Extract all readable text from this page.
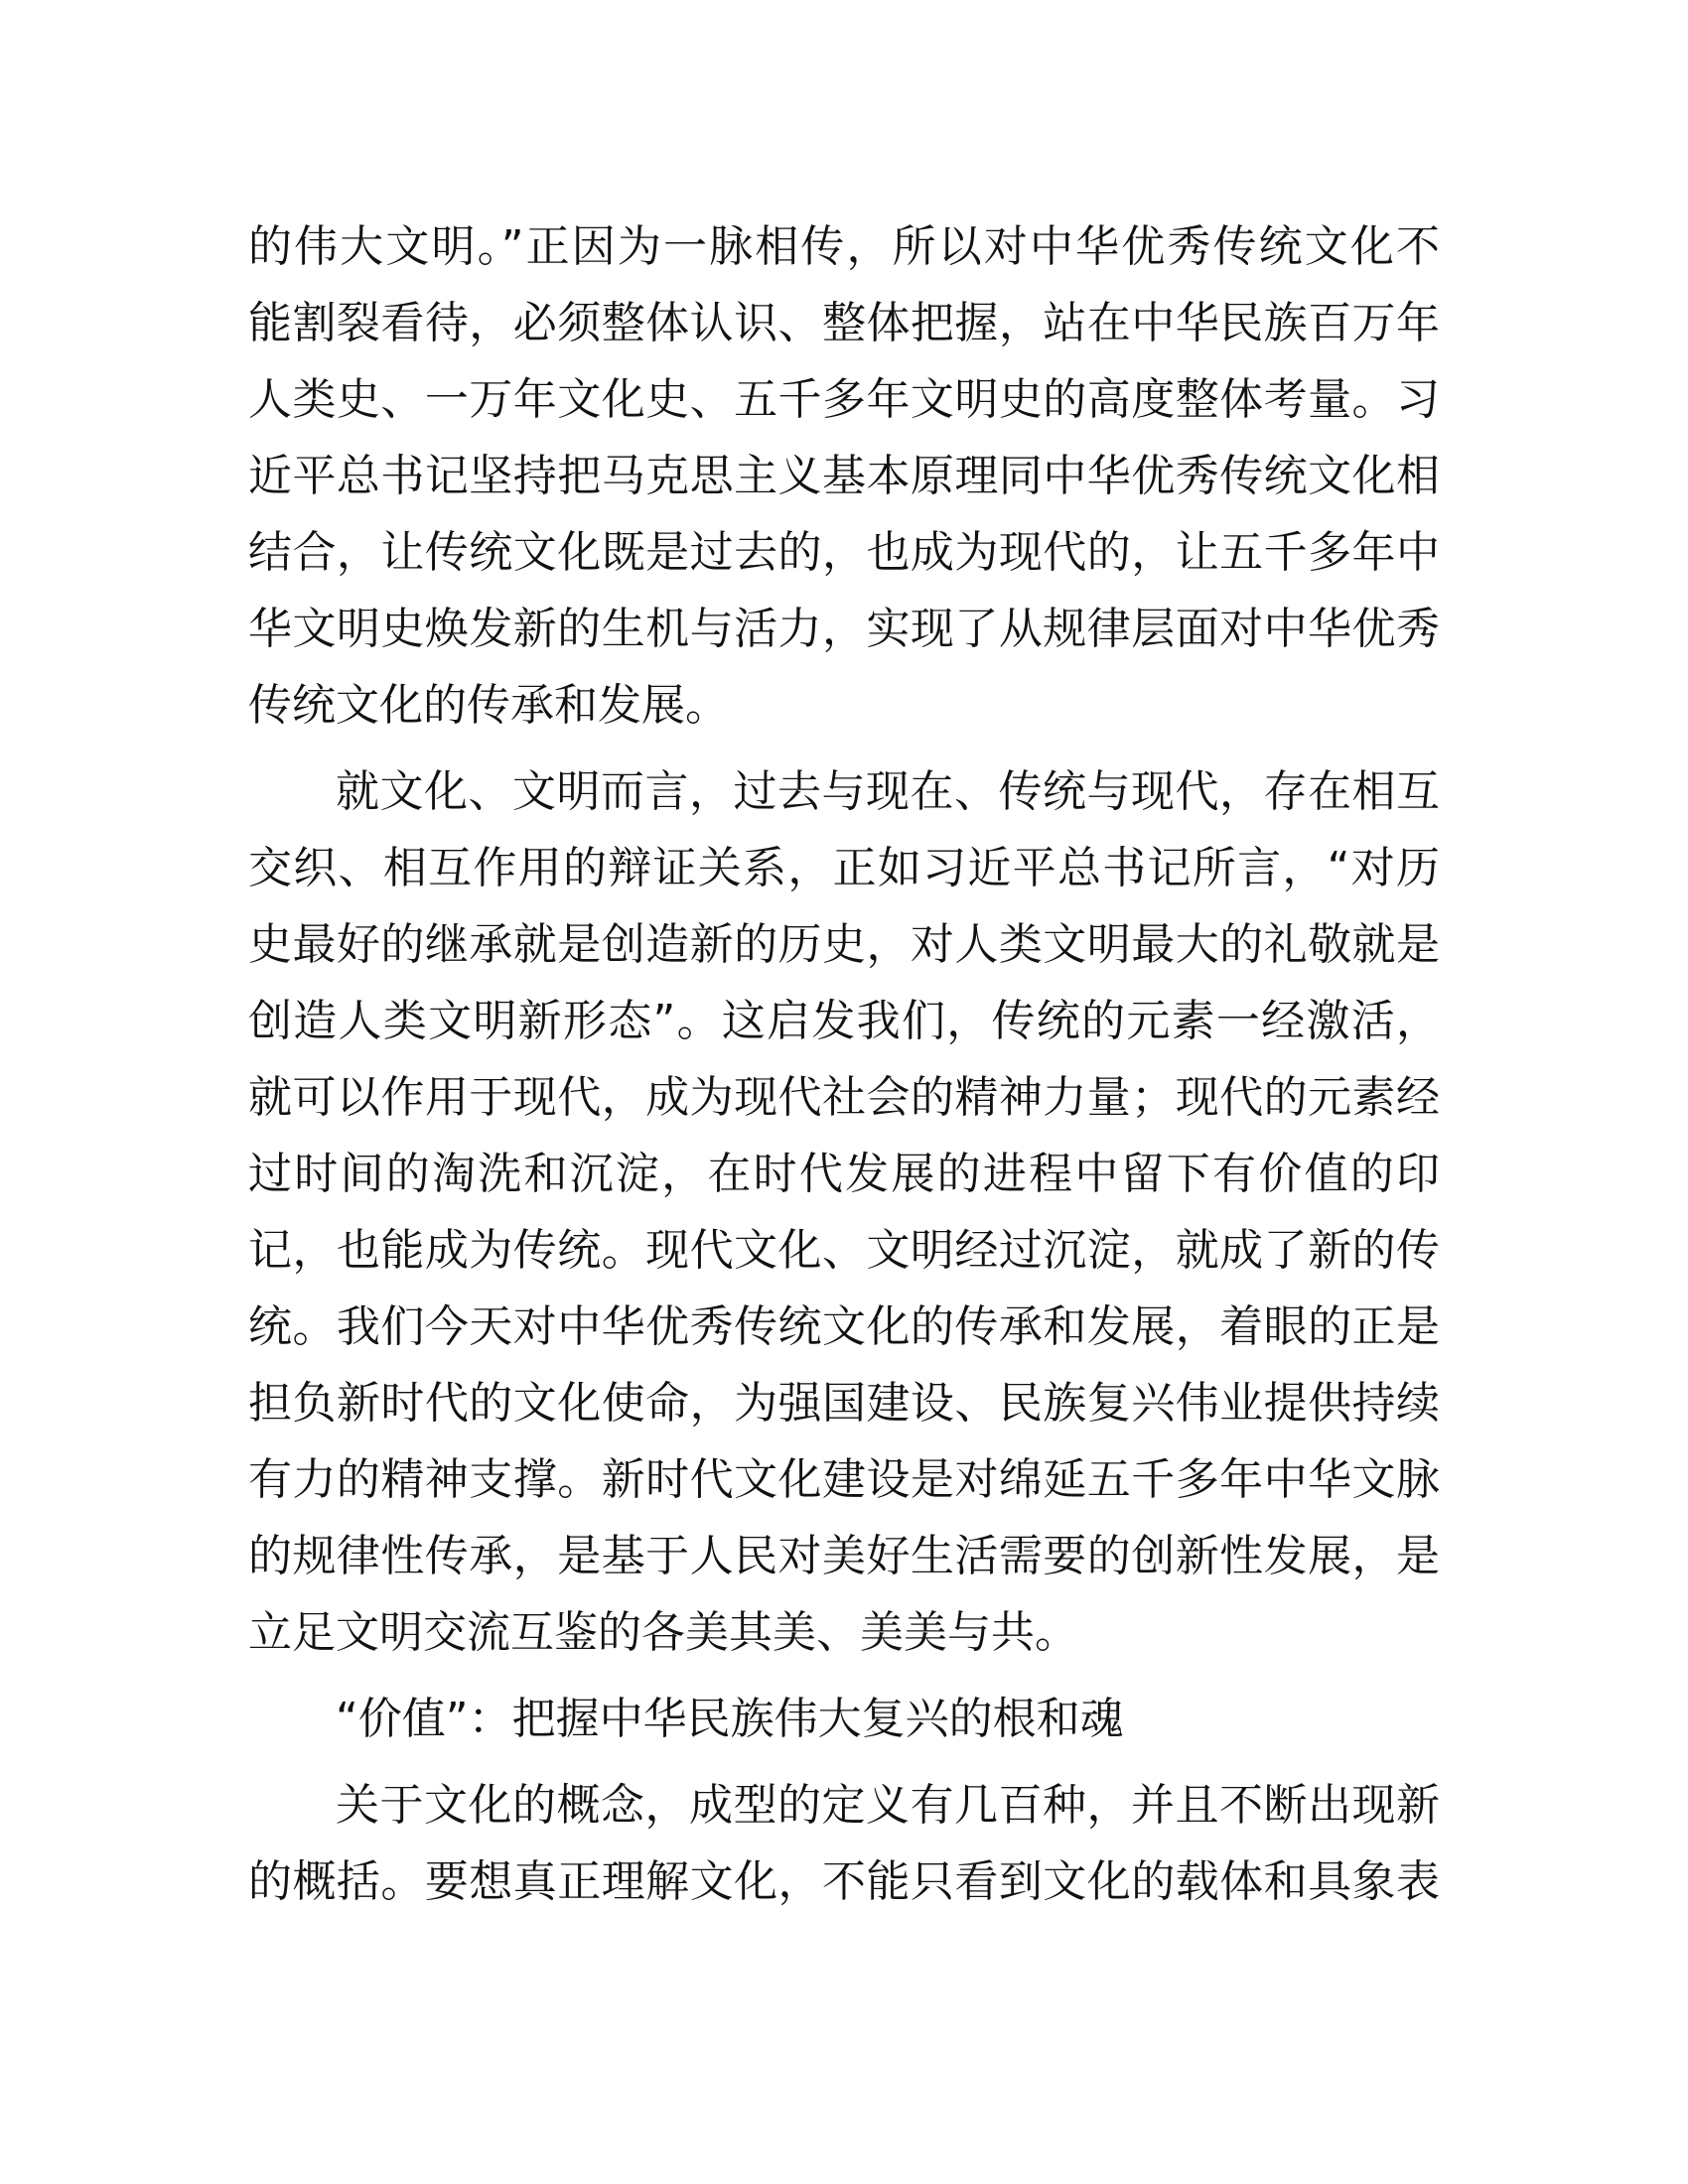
的伟大文明。”正因为一脉相传，所以对中华优秀传统文化不
能割裂看待，必须整体认识、整体把握，站在中华民族百万年
人类史、一万年文化史、五千多年文明史的高度整体考量。习
近平总书记坚持把马克思主义基本原理同中华优秀传统文化相
结合，让传统文化既是过去的，也成为现代的，让五千多年中
华文明史焕发新的生机与活力，实现了从规律层面对中华优秀
传统文化的传承和发展。
就文化、文明而言，过去与现在、传统与现代，存在相互
交织、相互作用的辩证关系，正如习近平总书记所言，“对历
史最好的继承就是创造新的历史，对人类文明最大的礼敬就是
创造人类文明新形态”。这启发我们，传统的元素一经激活，
就可以作用于现代，成为现代社会的精神力量；现代的元素经
过时间的淘洗和沉淀，在时代发展的进程中留下有价值的印
记，也能成为传统。现代文化、文明经过沉淀，就成了新的传
统。我们今天对中华优秀传统文化的传承和发展，着眼的正是
担负新时代的文化使命，为强国建设、民族复兴伟业提供持续
有力的精神支撑。新时代文化建设是对绵延五千多年中华文脉
的规律性传承，是基于人民对美好生活需要的创新性发展，是
立足文明交流互鉴的各美其美、美美与共。
“价值”：把握中华民族伟大复兴的根和魂
关于文化的概念，成型的定义有几百种，并且不断出现新
的概括。要想真正理解文化，不能只看到文化的载体和具象表
